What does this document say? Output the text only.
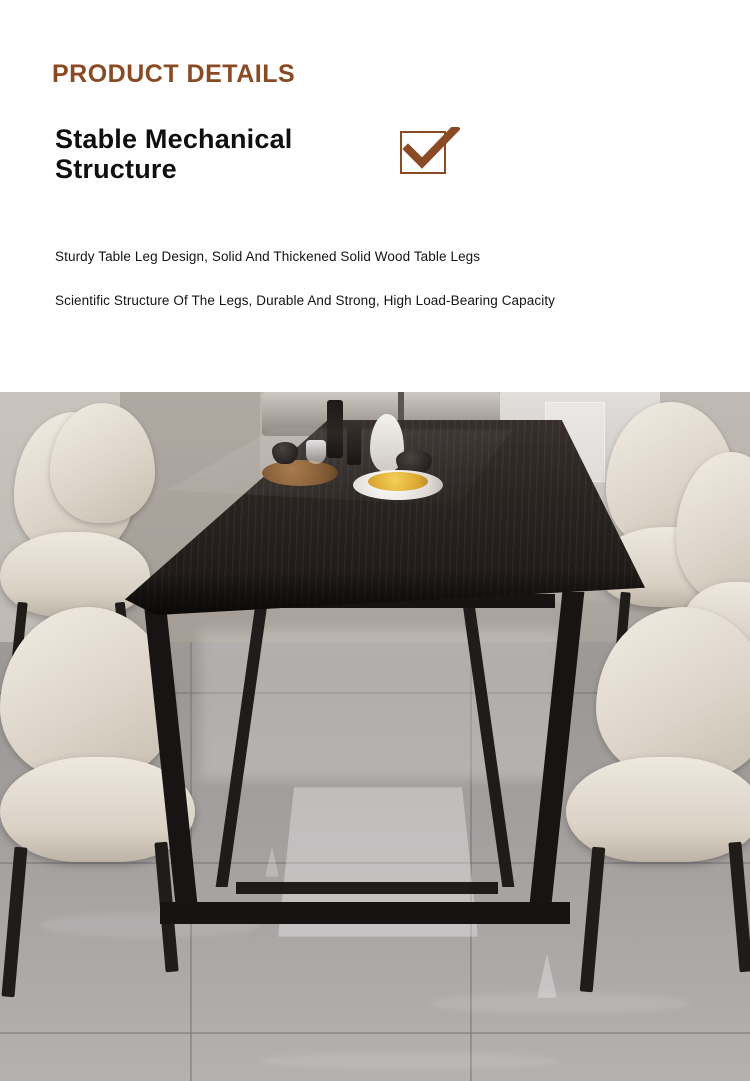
PRODUCT DETAILS
Stable Mechanical
Structure
Sturdy Table Leg Design, Solid And Thickened Solid Wood Table Legs
Scientific Structure Of The Legs, Durable And Strong, High Load-Bearing Capacity
